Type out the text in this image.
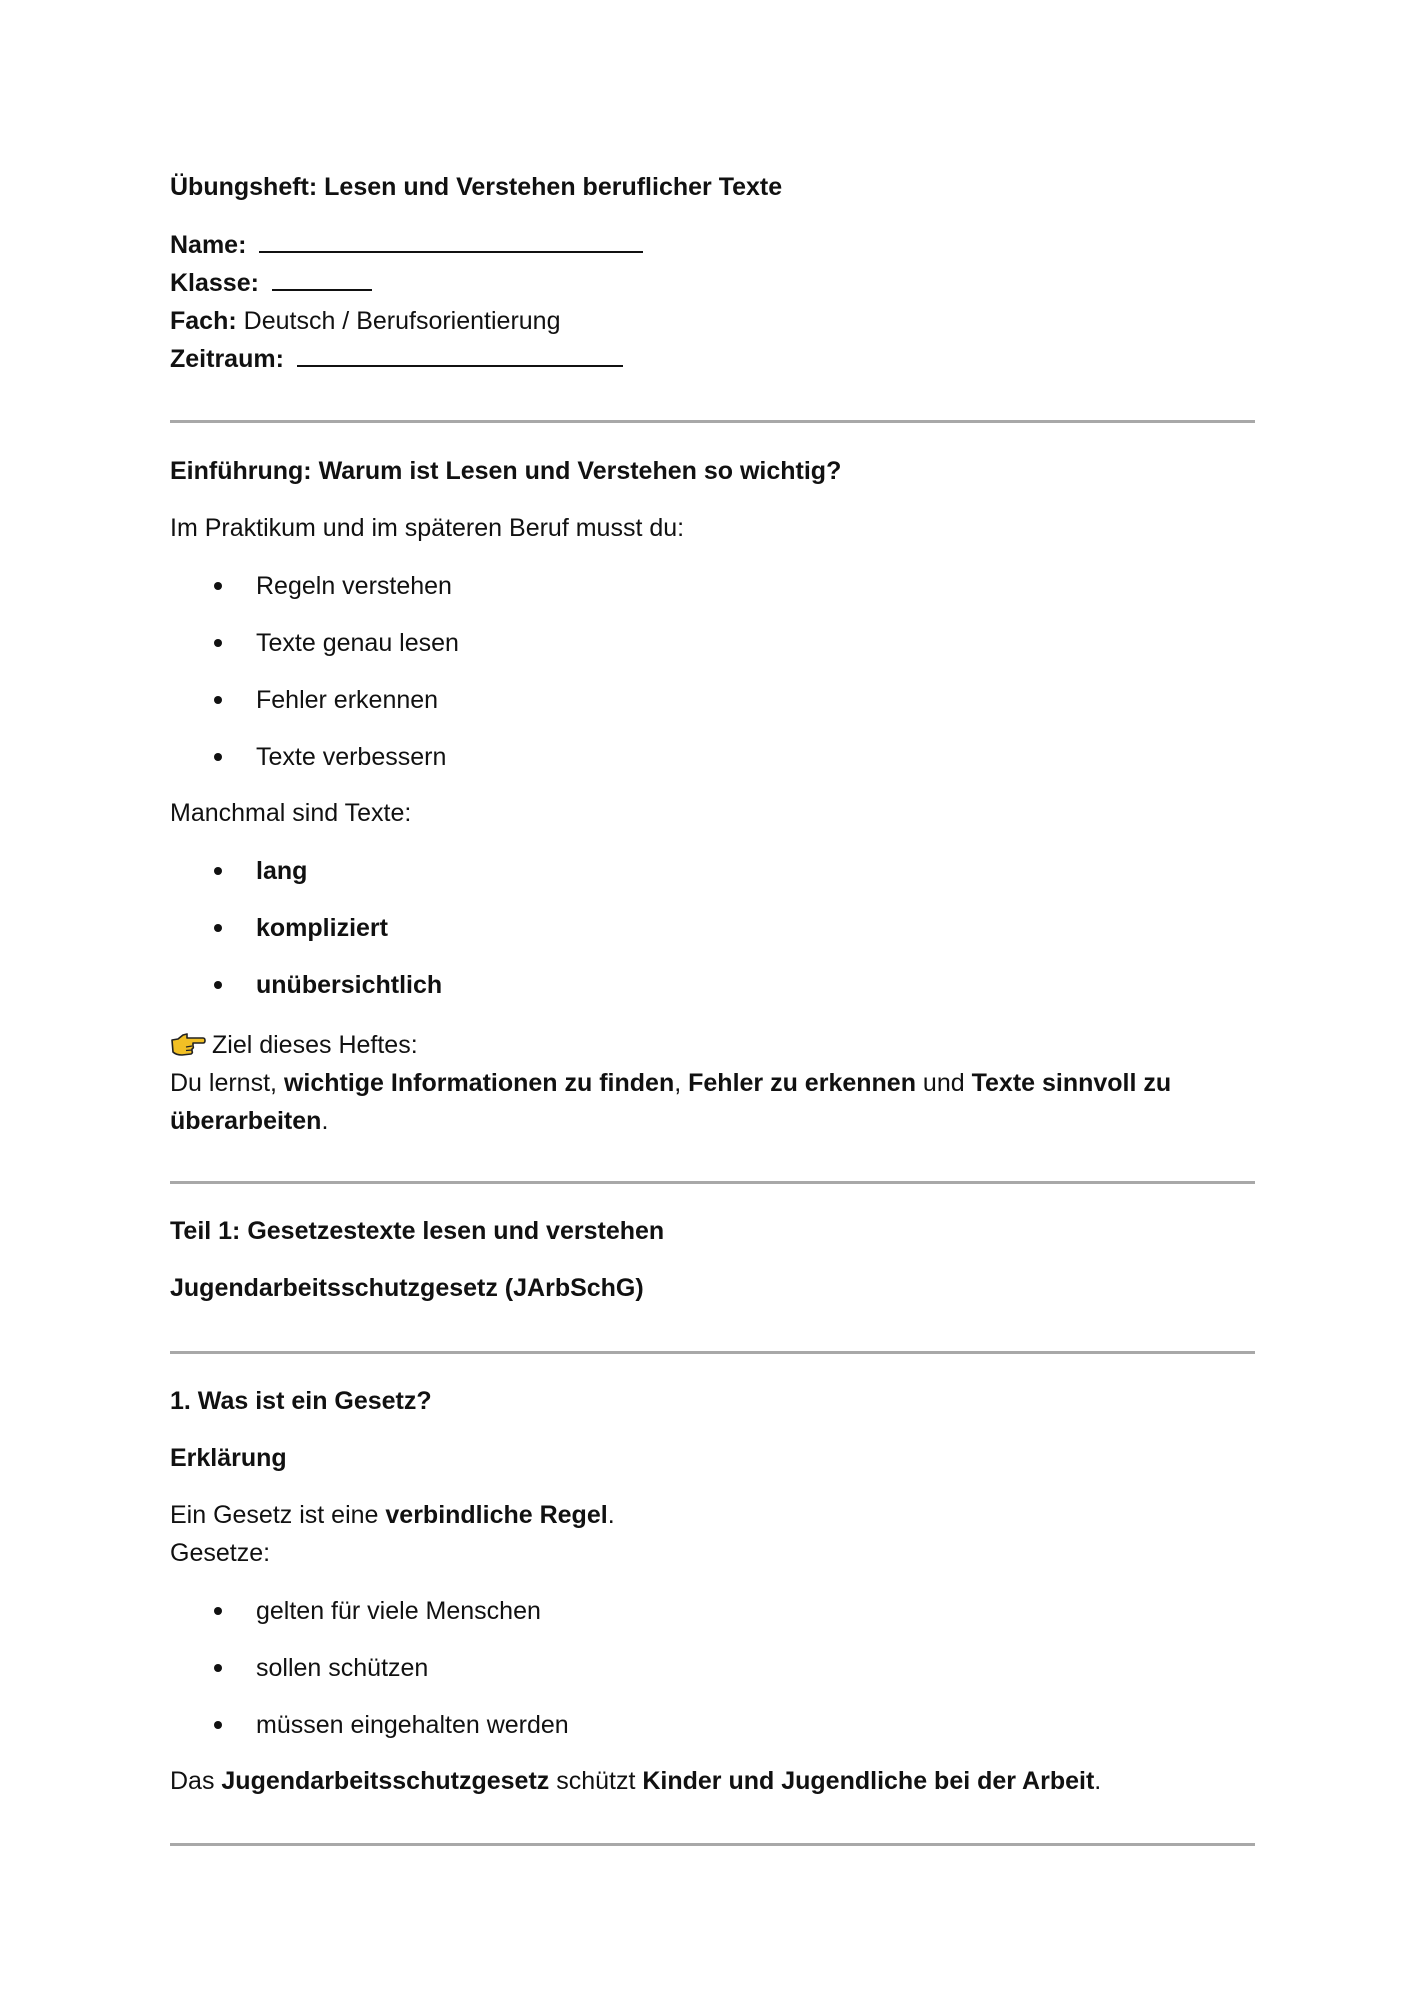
Übungsheft: Lesen und Verstehen beruflicher Texte
Name:
Klasse:
Fach: Deutsch / Berufsorientierung
Zeitraum:
Einführung: Warum ist Lesen und Verstehen so wichtig?
Im Praktikum und im späteren Beruf musst du:
Regeln verstehen
Texte genau lesen
Fehler erkennen
Texte verbessern
Manchmal sind Texte:
lang
kompliziert
unübersichtlich
Ziel dieses Heftes:
Du lernst, wichtige Informationen zu finden, Fehler zu erkennen und Texte sinnvoll zu
überarbeiten.
Teil 1: Gesetzestexte lesen und verstehen
Jugendarbeitsschutzgesetz (JArbSchG)
1. Was ist ein Gesetz?
Erklärung
Ein Gesetz ist eine verbindliche Regel.
Gesetze:
gelten für viele Menschen
sollen schützen
müssen eingehalten werden
Das Jugendarbeitsschutzgesetz schützt Kinder und Jugendliche bei der Arbeit.
